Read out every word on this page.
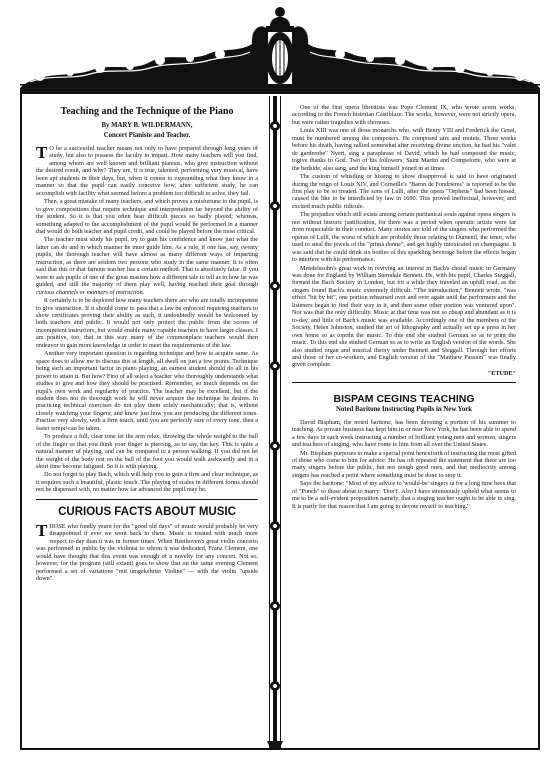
Teaching and the Technique of the Piano
By MARY B. WILDERMANN,
Concert Pianiste and Teacher.

T O be a successful teacher means not only to have prepared through long years of study, but also to possess the faculty to impart. How many teachers will you find, among whom are well known and brilliant pianists, who give instruction without the desired result, and why? They are, it is true, talented, performing very musical, have been apt students in their days, but, when it comes to expounding what they know in a manner so that the pupil can easily conceive how, after sufficient study, he can accomplish with facility what seemed before a problem too difficult to solve, they fail.

Then, a great mistake of many teachers, and which proves a misfortune to the pupil, is to give compositions that require technique and interpretation far beyond the ability of the student. So it is that you often hear difficult pieces so badly played; whereas, something adapted to the accomplishment of the pupil would be performed in a manner that would do both teacher and pupil credit, and could be played before the most critical.

The teacher must study his pupil, try to gain his confidence and know just what the latter can do and in which manner he must guide him. As a rule, if one has, say, twenty pupils, the thorough teacher will have almost as many different ways of imparting instruction, as there are seldom two persons who study in the same manner. It is often said that this or that famous teacher has a certain method. That is absolutely false. If you were to ask pupils of one of the great masters how a different tale to tell as to how he was guided, and still the majority of them play well, having reached their goal through curious channels or manners of instruction.

It certainly is to be deplored how many teachers there are who are totally incompetent to give instruction. If it should come to pass that a law be enforced requiring teachers to show certificates proving their ability as such, it undoubtedly would be welcomed by both teachers and public. It would not only protect the public from the scores of incompetent instructors, but would enable many capable teachers to have larger classes. I am positive, too, that in this way many of the commonplace teachers would then endeavor to gain more knowledge in order to meet the requirements of the law.

Another very important question is regarding technique and how to acquire same. As space does to allow me to discuss this at length, all dwell on just a few points. Technique being such an important factor in piano playing, an earnest student should do all in his power to attain it. But how? First of all select a teacher who thoroughly understands what studies to give and how they should be practised. Remember, so much depends on the pupil's own work and regularity of practice. The teacher may be excellent, but if the student does not do thorough work he will never acquire the technique he desires. In practicing technical exercises do not play them solely mechanically; that is, without closely watching your fingers; and know just how you are producing the different tones. Practise very slowly, with a firm touch, until you are perfectly sure of every tone, then a faster tempo can be taken.

To produce a full, clear tone let the arm relax, throwing the whole weight to the ball of the finger so that you think your finger is piercing, so to say, the key. This is quite a natural manner of playing, and can be compared to a person walking. If you did not let the weight of the body rest on the ball of the foot you would walk awkwardly and in a short time become fatigued. So it is with playing.

Do not forget to play Bach, which will help you to gain a firm and clear technique, as it requires such a beautiful, plastic touch. The playing of scales in different forms should not be dispensed with, no matter how far advanced the pupil may be.

CURIOUS FACTS ABOUT MUSIC

THOSE who fondly yearn for the "good old days" of music would probably be very disappointed if ever we went back to them. Music is treated with much more respect to-day than it was in former times. When Beethoven's great violin concerto was performed in public by the violinist to whom it was dedicated, Franz Clement, one would have thought that this event was enough of a novelty for any concert. Not so, however, for the program (still extant) goes to show that on the same evening Clement performed a set of variations "mit umgekehrter Violine" — with the violin "upside down".

One of the first opera librettists was Pope Clement IX, who wrote seven works, according to the French historian Castiblaze. The works, however, were not strictly opera, but were rather tragedies with choruses.

Louis XIII was one of those monarchs who, with Henry VIII and Frederick the Great, must be numbered among the composers. He composed airs and motets. Three weeks before his death, having rallied somewhat after receiving divine unction, he had his "valet de garderobe" Nyert, sing a paraphrase of David, which he had composed the music, togive thanks to God. Two of his followers, Saint Martin and Compeforte, who were at the bedside, also sang, and the king himself joined in at times.

The custom of whistling or hissing to show disapproval is said to have originated during the reign of Louis XIV, and Corneille's "Baron de Fondrieres" is reported to be the first play to be so treated. The sons of Lulli, after the opera "Orpheus" had been hissed, caused the like to be interdicted by law in 1690. This proved ineffectual, however, and excited much public ridicule.

The prejudice which still exists among certain puritanical souls against opera singers is not without historic justification, for there was a period when operatic artists were far from respectable in their conduct. Many stories are told of the singers who performed the operas of Lulli, the worst of which are probably those relating to Dumenil, the tenor, who used to steal the jewels of the "prima donne", and get highly intoxicated on champagne. It was said that he could drink six bottles of this sparkling beverage before the effects began to interfere with his performance.

Mendelssohn's great work in reviving an interest in Bach's choral music in Germany was done for England by William Sterndale Bennett. He, with his pupil, Charles Steggall, formed the Bach Society in London, but for a while they traveled an uphill road, as the singers found Bach's music extremely difficult. "The introduction," Bennett wrote, "was effect "bit by bit", one portion rehearsed over and over again until the performers and the listeners began to find their way in it, and then some other portion was ventured upon". Nor was that the only difficulty. Music at that time was not so cheap and abundant as it is to-day, and little of Bach's music was available. Accordingly one of the members of the Society, Helen Johnston, studied the art of lithography and actually set up a press in her own home so as topriht the music. To this end she studied German so as to print the music. To this end she studied German so as to write an English version of the words. She also studied organ and musical theory under Bennett and Steggall. Through her efforts and those of her co-workers, and English version of the "Matthew Passion" was finally given complete.

"ETUDE"
BISPAM CEGINS TEACHING
Noted Baritone Instructing Pupils in New York

David Bispham, the noted baritone, has been devoting a portion of his summer to teaching. As private business has kept him in or near New York, he has been able to spend a few days in each week instructing a number of brilliant young men and women, singers and teachers of singing, who have come to him from all over the United States.

Mr. Bispham purposes to make a special point henceforth of instructing the most gifted of those who come to him for advice. He has oft repeated the statement that there are too many singers before the public, but not nough good ones, and that mediocrity among singers has reached a point where something must be done to stop it.

Says the baritone: "Most of my advice to 'would-be' singers ra for a long time bees that of "Punch" to those about to marry: 'Don't'. Also I have strenuously upheld what seems to me to be a self-evident proposition namely, that a singing teacher ought to be able to sing. It is partly for that reason that I am going to devote myself to teaching."
